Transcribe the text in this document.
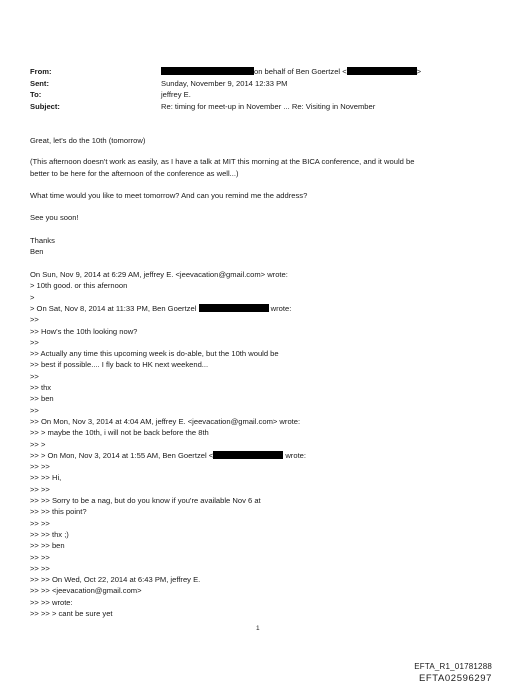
From:	on behalf of Ben Goertzel <	>
Sent:	Sunday, November 9, 2014 12:33 PM
To:	jeffrey E.
Subject:	Re: timing for meet-up in November ... Re: Visiting in November
Great, let's do the 10th (tomorrow)
(This afternoon doesn't work as easily, as I have a talk at MIT this morning at the BICA conference, and it would be
better to be here for the afternoon of the conference as well...)
What time would you like to meet tomorrow? And can you remind me the address?
See you soon!
Thanks
Ben
On Sun, Nov 9, 2014 at 6:29 AM, jeffrey E. <jeevacation@gmail.com> wrote:
> 10th good. or this afernoon
>
> On Sat, Nov 8, 2014 at 11:33 PM, Ben Goertzel	wrote:
>>
>> How's the 10th looking now?
>>
>> Actually any time this upcoming week is do-able, but the 10th would be
>> best if possible.... I fly back to HK next weekend...
>>
>> thx
>> ben
>>
>> On Mon, Nov 3, 2014 at 4:04 AM, jeffrey E. <jeevacation@gmail.com> wrote:
>> > maybe the 10th, i will not be back before the 8th
>> >
>> > On Mon, Nov 3, 2014 at 1:55 AM, Ben Goertzel <	wrote:
>> >>
>> >> Hi,
>> >>
>> >> Sorry to be a nag, but do you know if you're available Nov 6 at
>> >> this point?
>> >>
>> >> thx ;)
>> >> ben
>> >>
>> >>
>> >> On Wed, Oct 22, 2014 at 6:43 PM, jeffrey E.
>> >> <jeevacation@gmail.com>
>> >> wrote:
>> >> > cant be sure yet
1
EFTA_R1_01781288
EFTA02596297
